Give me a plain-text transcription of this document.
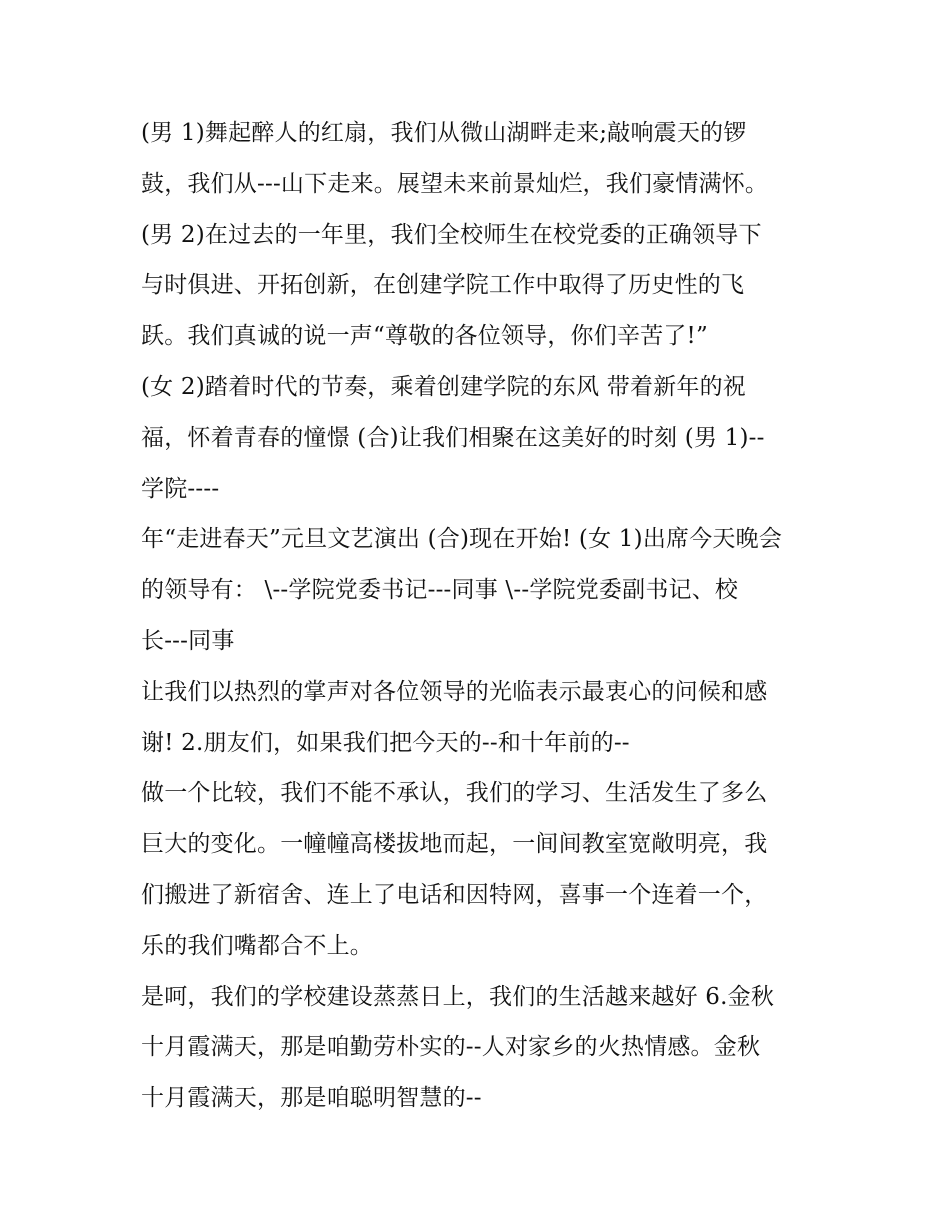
(男 1)舞起醉人的红扇，我们从微山湖畔走来;敲响震天的锣
鼓，我们从---山下走来。展望未来前景灿烂，我们豪情满怀。
(男 2)在过去的一年里，我们全校师生在校党委的正确领导下
与时俱进、开拓创新，在创建学院工作中取得了历史性的飞
跃。我们真诚的说一声“尊敬的各位领导，你们辛苦了!”
(女 2)踏着时代的节奏，乘着创建学院的东风 带着新年的祝
福，怀着青春的憧憬 (合)让我们相聚在这美好的时刻 (男 1)--
学院----
年“走进春天”元旦文艺演出 (合)现在开始! (女 1)出席今天晚会
的领导有： \--学院党委书记---同事 \--学院党委副书记、校
长---同事
让我们以热烈的掌声对各位领导的光临表示最衷心的问候和感
谢! 2.朋友们，如果我们把今天的--和十年前的--
做一个比较，我们不能不承认，我们的学习、生活发生了多么
巨大的变化。一幢幢高楼拔地而起，一间间教室宽敞明亮，我
们搬进了新宿舍、连上了电话和因特网，喜事一个连着一个，
乐的我们嘴都合不上。
是呵，我们的学校建设蒸蒸日上，我们的生活越来越好 6.金秋
十月霞满天，那是咱勤劳朴实的--人对家乡的火热情感。金秋
十月霞满天，那是咱聪明智慧的--
